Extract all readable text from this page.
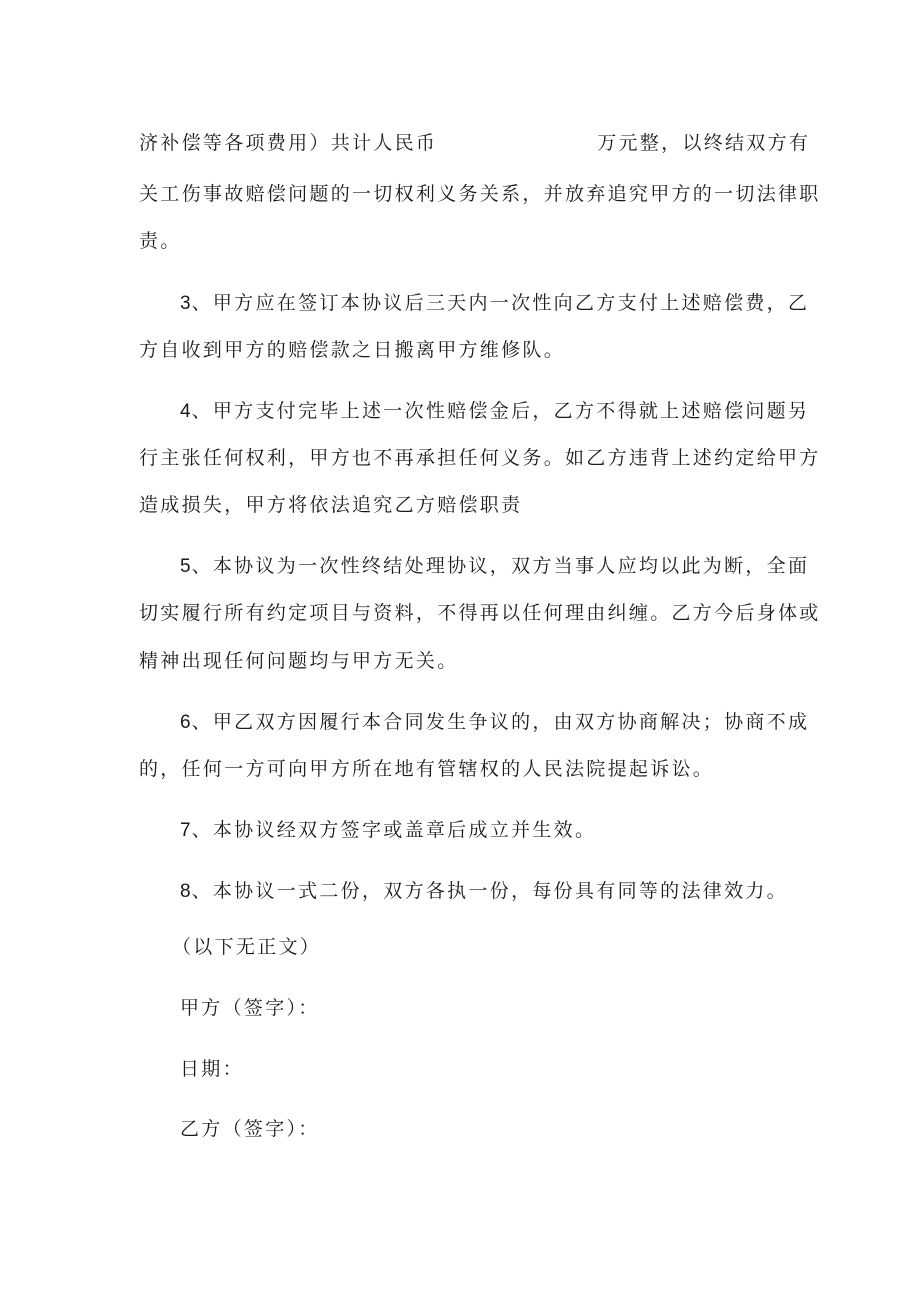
济补偿等各项费用）共计人民币	万元整，以终结双方有
关工伤事故赔偿问题的一切权利义务关系，并放弃追究甲方的一切法律职
责。
3、甲方应在签订本协议后三天内一次性向乙方支付上述赔偿费，乙
方自收到甲方的赔偿款之日搬离甲方维修队。
4、甲方支付完毕上述一次性赔偿金后，乙方不得就上述赔偿问题另
行主张任何权利，甲方也不再承担任何义务。如乙方违背上述约定给甲方
造成损失，甲方将依法追究乙方赔偿职责
5、本协议为一次性终结处理协议，双方当事人应均以此为断，全面
切实履行所有约定项目与资料，不得再以任何理由纠缠。乙方今后身体或
精神出现任何问题均与甲方无关。
6、甲乙双方因履行本合同发生争议的，由双方协商解决；协商不成
的，任何一方可向甲方所在地有管辖权的人民法院提起诉讼。
7、本协议经双方签字或盖章后成立并生效。
8、本协议一式二份，双方各执一份，每份具有同等的法律效力。
（以下无正文）
甲方（签字）：
日期：
乙方（签字）：
